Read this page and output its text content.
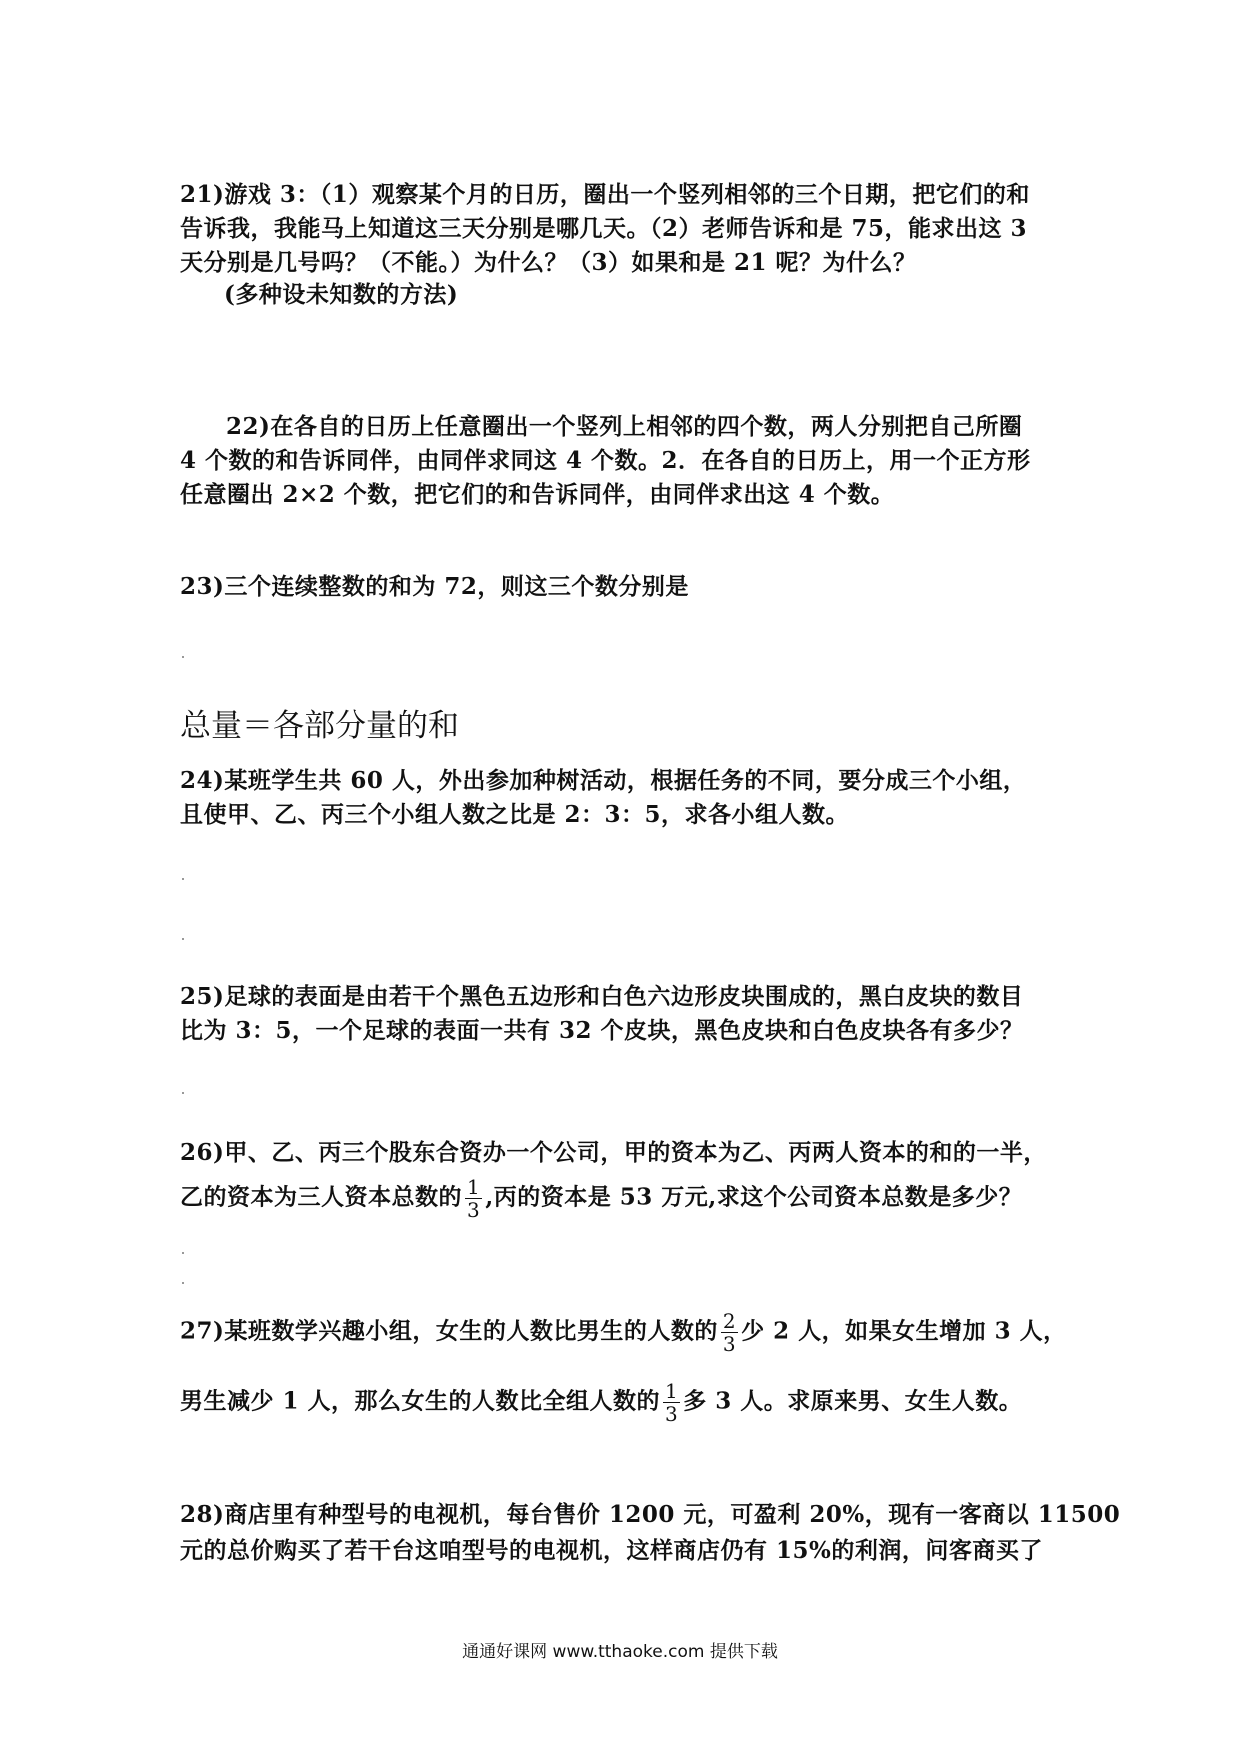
21)游戏 3：（1）观察某个月的日历，圈出一个竖列相邻的三个日期，把它们的和
告诉我，我能马上知道这三天分别是哪几天。（2）老师告诉和是 75，能求出这 3
天分别是几号吗？（不能。）为什么？（3）如果和是 21 呢？为什么？
(多种设未知数的方法)
22)在各自的日历上任意圈出一个竖列上相邻的四个数，两人分别把自己所圈
4 个数的和告诉同伴，由同伴求同这 4 个数。2．在各自的日历上，用一个正方形
任意圈出 2×2 个数，把它们的和告诉同伴，由同伴求出这 4 个数。
23)三个连续整数的和为 72，则这三个数分别是
总量＝各部分量的和
24)某班学生共 60 人，外出参加种树活动，根据任务的不同，要分成三个小组，
且使甲、乙、丙三个小组人数之比是 2：3：5，求各小组人数。
25)足球的表面是由若干个黑色五边形和白色六边形皮块围成的，黑白皮块的数目
比为 3：5，一个足球的表面一共有 32 个皮块，黑色皮块和白色皮块各有多少？
26)甲、乙、丙三个股东合资办一个公司，甲的资本为乙、丙两人资本的和的一半，
乙的资本为三人资本总数的 $\frac{1}{3}$ ,丙的资本是 53 万元,求这个公司资本总数是多少？
27)某班数学兴趣小组，女生的人数比男生的人数的 $\frac{2}{3}$ 少 2 人，如果女生增加 3 人，
男生减少 1 人，那么女生的人数比全组人数的 $\frac{1}{3}$ 多 3 人。求原来男、女生人数。
28)商店里有种型号的电视机，每台售价 1200 元，可盈利 20%，现有一客商以 11500
元的总价购买了若干台这咱型号的电视机，这样商店仍有 15%的利润，问客商买了
通通好课网 www.tthaoke.com 提供下载
